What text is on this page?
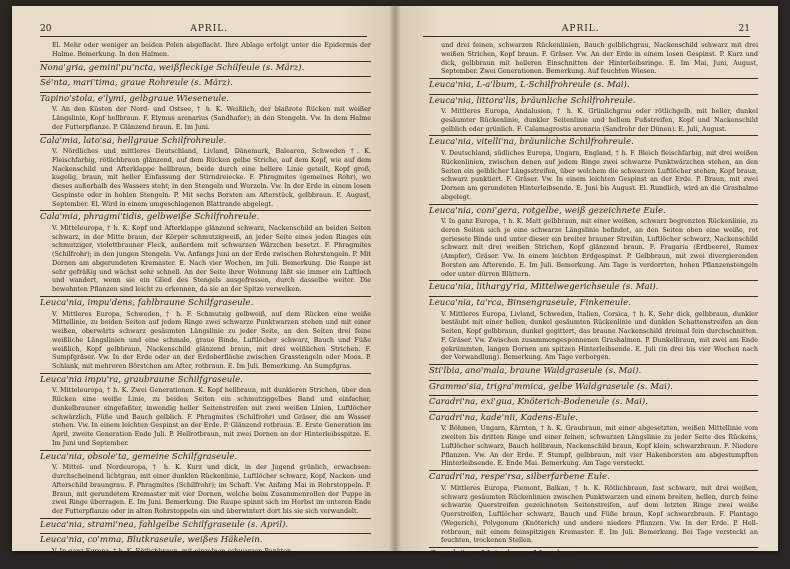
20	APRIL.

El. Mehr oder weniger an beiden Polen abgeflacht. Ihre Ablage erfolgt unter die Epidermis der Halme. Bemerkung. In den Halmen.

Nona'gria, gemini'pu'ncta, weißfleckige Schilfeule (s. März).

Sé'nta, mari'tima, graue Rohreule (s. März).

Tapino'stola, e'lymi, gelbgraue Wieseneule.

V. An den Küsten der Nord- und Ostsee, † h. K. Weißlich, der blaßrote Rücken mit weißer Längslinie, Kopf hellbraun. F. Elymus arenarius (Sandhafer); in den Stengeln. Vw. In dem Halme der Futterpflanze. P. Glänzend braun. E. Im Juni.

Cala'mia, lato'sa, hellgraue Schilfrohreule.

V. Nördliches und mittleres Deutschland, Livland, Dänemark, Balearen, Schweden †. K. Fleischfarbig, rötlichbraun glänzend, auf dem Rücken gelbe Striche, auf dem Kopf, wie auf dem Nackenschild und Afterklappe hellbraun, beide durch eine hellere Linie geteilt, Kopf groß, kugelig, braun, mit heller Einfassung der Stirndreiecke. F. Phragmites (gemeines Rohr), wo dieses außerhalb des Wassers steht; in den Stengeln und Wurzeln. Vw. In der Erde in einem losen Gespinste oder in hohlen Stengeln. P. Mit sechs Borsten am Afterstück, gelbbraun. E. August, September. El. Wird in einem umgeschlagenen Blattrande abgelegt.

Cala'mia, phragmi'tidis, gelbweiße Schilfrohreule.

V. Mitteleuropa, † h. K. Kopf und Afterklappe glänzend schwarz, Nackenschild an beiden Seiten schwarz, in der Mitte braun, der Körper schmutzigweiß, an jeder Seite eines jeden Ringes ein schmutziger, violettbrauner Fleck, außerdem mit schwarzen Wärzchen besetzt. F. Phragmites (Schilfrohr); in den jungen Stengeln. Vw. Anfangs Juni an der Erde zwischen Rohrstengeln. P. Mit Dornen am abgerundeten Kremaster. E. Nach vier Wochen, im Juli. Bemerkung. Die Raupe ist sehr gefräßig und wächst sehr schnell. An der Seite ihrer Wohnung läßt sie immer ein Luftloch und wandert, wenn sie ein Glied des Stengels ausgefressen, durch dasselbe weiter. Die bewohnten Pflanzen sind leicht zu erkennen, da sie an der Spitze verwelken.

Leuca'nia, impu'dens, fahlbraune Schilfgraseule.

V. Mittleres Europa, Schweden, † h. F. Schmutzig gelbweiß, auf dem Rücken eine weiße Mittellinie, zu beiden Seiten auf jedem Ringe zwei schwarze Punktwarzen stehen und mit einer weißen, oberwärts schwarz gesäumten Längslinie zu jeder Seite, an den Seiten drei feine weißliche Längslinien und eine schmale, graue Binde, Luftlöcher schwarz, Bauch und Füße weißlich, Kopf gelbbraun, Nackenschild glänzend braun, mit drei weißlichen Strichen. F. Sumpfgräser. Vw. In der Erde oder an der Erdoberfläche zwischen Grasstengeln oder Moos. P. Schlank, mit mehreren Börstchen am After, rotbraun. E. Im Juli. Bemerkung. An Sumpfgras.

Leuca'nia impu'ra, graubraune Schilfgraseule.

V. Mitteleuropa, † h. K. Zwei Generationen. K. Kopf hellbraun, mit dunkleren Strichen, über den Rücken eine weiße Linie, zu beiden Seiten ein schmutziggelbes Band und einfacher, dunkelbrauner eingefaßter, inwendig heller Seitenstreifen mit zwei weißen Linien, Luftlöcher schwärzlich, Füße und Bauch gelblich. F. Phragmites (Schilfrohr) und Gräser, die am Wasser stehen. Vw. In einem leichten Gespinst an der Erde. P. Glänzend rotbraun. E. Erste Generation im April, zweite Generation Ende Juli. P. Hellrotbraun, mit zwei Dornen an der Hinterleibsspitze. E. Im Juni und September.

Leuca'nia, obsole'ta, gemeine Schilfgraseule.

V. Mittel- und Nordeuropa, † h. K. Kurz und dick, in der Jugend grünlich, erwachsen: durchscheinend lichtgrau, mit einer dunklen Rückenlinie, Luftlöcher schwarz, Kopf, Nacken- und Afterschild braungrau. F. Phragmites (Schilfrohr); im Schaft. Vw. Anfang Mai in Rohrstoppeln. P. Braun, mit gerundetem Kremaster mit vier Dornen, welche beim Zusammenrollen der Puppe in zwei Ringe überragen. E. Im Juni. Bemerkung. Die Raupe spinnt sich im Herbst im unteren Ende der Futterpflanze oder in alten Rohrstoppeln ein und überwintert dort bis sie sich verwandelt.

Leuca'nia, strami'nea, fahlgelbe Schilfgraseule (s. April).

Leuca'nia, co'mma, Blutkraseule, weißes Häkelein.

V. In ganz Europa, † h. K. Rötlichbraun, mit einzelnen schwarzen Punkten

APRIL.	21

und drei feinen, schwarzen Rückenlinien, Bauch gelblichgrau, Nackenschild schwarz mit drei weißen Strichen, Kopf braun. F. Gräser. Vw. An der Erde in einem losen Gespinst. P. Kurz und dick, gelbbraun mit helleren Einschnitten der Hinterleibsringe. E. Im Mai, Juni, August, September. Zwei Generationen. Bemerkung. Auf feuchten Wiesen.

Leuca'nia, L-a'lbum, L-Schilfrohreule (s. Mai).

Leuca'nia, littora'lis, bräunliche Schilfrohreule.

V. Mittleres Europa, Andalusien, † h. K. Grünlichgrau oder rötlichgelb, mit heller, dunkel gesäumter Rückenlinie, dunkler Seitenlinie und hellem Fußstreifen, Kopf und Nackenschild gelblich oder grünlich. F. Calamagrostis arenaria (Sandrohr der Dünen). E. Juli, August.

Leuca'nia, vitelli'na, bräunliche Schilfrohreule.

V. Deutschland, südliches Europa, Ungarn, England, † h. F. Bleich fleischfarbig, mit drei weißen Rückenlinien, zwischen denen auf jedem Ringe zwei schwarze Punktwärzchen stehen, an den Seiten ein gelblicher Längsstreifen, über welchem die schwarzen Luftlöcher stehen, Kopf braun, schwarz punktiert. F. Gräser. Vw. In einem leichten Gespinst an der Erde. P. Braun, mit zwei Dornen am gerundeten Hinterleibsende. E. Juni bis August. El. Rundlich, wird an die Grashalme abgelegt.

Leuca'nia, coni'gera, rotgelbe, weiß gezeichnete Eule.

V. In ganz Europa, † h. K. Matt gelbbraun, mit einer weißen, schwarz begrenzten Rückenlinie, zu deren Seiten sich je eine schwarze Längslinie befindet, an den Seiten oben eine weiße, rot geriesete Binde und unter dieser ein breiter brauner Streifen, Luftlöcher schwarz, Nackenschild schwarz mit drei weißen Strichen, Kopf glänzend braun. F. Fragaria (Erdbeere), Rumex (Ampfer), Gräser. Vw. In einem leichten Erdgespinst. P. Gelbbraun, mit zwei divergierenden Borsten am Afterende. E. Im Juli. Bemerkung. Am Tage is verdorrten, hohen Pflanzenstengeln oder unter dürren Blättern.

Leuca'nia, lithargy'ria, Mittelwegerichseule (s. Mai).

Leuca'nia, ta'rca, Binsengraseule, Finkeneule.

V. Mittleres Europa, Livland, Schweden, Italien, Corsica, † h. K. Sehr dick, gelbbraun, dunkler bestäubt mit einer hellen, dunkel gesäumten Rückenlinie und dunklen Schattenstreifen an den Seiten, Kopf gelbbraun, dunkel gegittert, das braune Nackenschild dreimal fein durchschnitten. F. Gräser. Vw. Zwischen zusammengesponnenen Grashalmen. P. Dunkelbraun, mit zwei am Ende gekrümmten, langen Dornen am spitzen Hinterleibsende. E. Juli (in drei bis vier Wochen nach der Verwandlung). Bemerkung. Am Tage verborgen.

Sti'lbia, ano'mala, braune Waldgraseule (s. Mai).

Grammo'sia, trigra'mmica, gelbe Waldgraseule (s. Mai).

Caradri'na, exi'gua, Knöterich-Bodeneule (s. Mai).

Caradri'na, kade'nii, Kadens-Eule.

V. Böhmen, Ungarn, Kärnten, † h. K. Graubraun, mit einer abgesetzten, weißen Mittellinie vom zweiten bis dritten Ringe und einer feinen, schwarzen Längslinie zu jeder Seite des Rückens, Luftlöcher schwarz, Bauch hellbraun, Nackenschild braun, Kopf klein, schwarzbraun. F. Niedere Pflanzen. Vw. An der Erde. P. Stumpf, gelbbraun, mit vier Hakenborsten am abgestumpften Hinterleibsende. E. Ende Mai. Bemerkung. Am Tage versteckt.

Caradri'na, respe'rsa, silberfarbene Eule.

V. Mittleres Europa, Piemont, Balkan, † h. K. Rötlichbraun, fast schwarz, mit drei weißen, schwarz gesäumten Rückenlinien zwischen Punktwarzen und einem breiten, hellen, durch feine schwarze Querstreifen gezeichneten Seitenstreifen, auf dem letzten Ringe zwei weiße Querstreifen, Luftlöcher schwarz, Bauch und Füße braun, Kopf schwarzbraun. F. Plantago (Wegerich), Polygonum (Knöterich) und andere niedere Pflanzen. Vw. In der Erde. P. Hell-rotbraun, mit einem feinspitzigen Kremaster. E. Im Juli. Bemerkung. Bei Tage versteckt an feuchten, trockenen Stellen.

Caradri'na, Mo'rpheus, Morpheus.

V. Mittleres und nördliches Europa, † h. K. Rotbraun oder graubraun, auf dem
